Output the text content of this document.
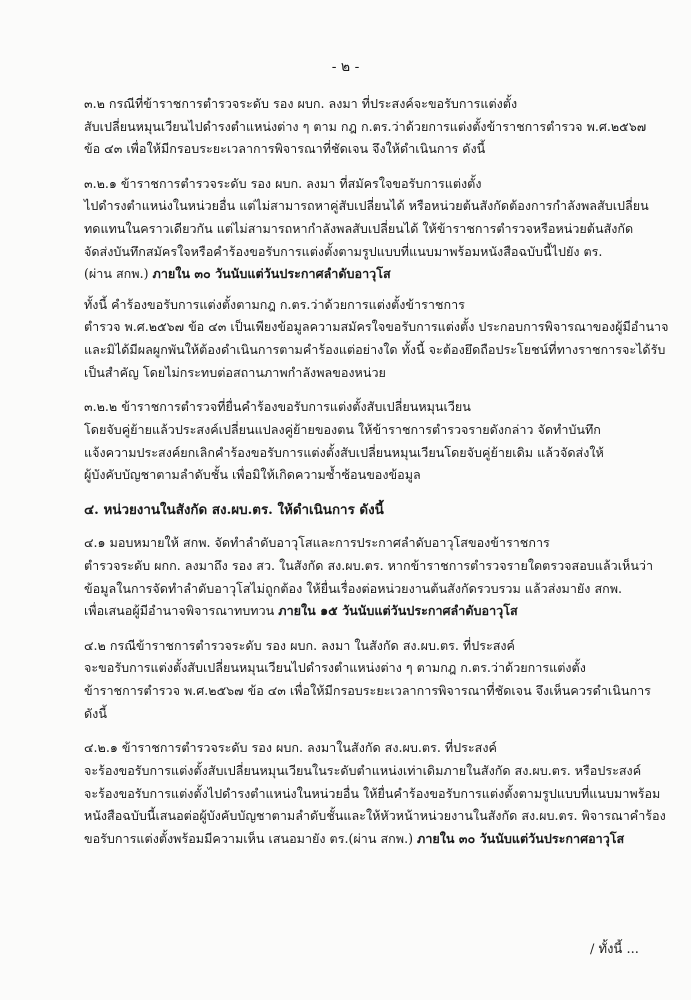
- ๒ -

๓.๒ กรณีที่ข้าราชการตำรวจระดับ รอง ผบก. ลงมา ที่ประสงค์จะขอรับการแต่งตั้ง

สับเปลี่ยนหมุนเวียนไปดำรงตำแหน่งต่าง ๆ ตาม กฎ ก.ตร.ว่าด้วยการแต่งตั้งข้าราชการตำรวจ พ.ศ.๒๕๖๗

ข้อ ๔๓ เพื่อให้มีกรอบระยะเวลาการพิจารณาที่ชัดเจน จึงให้ดำเนินการ ดังนี้

๓.๒.๑ ข้าราชการตำรวจระดับ รอง ผบก. ลงมา ที่สมัครใจขอรับการแต่งตั้ง

ไปดำรงตำแหน่งในหน่วยอื่น แต่ไม่สามารถหาคู่สับเปลี่ยนได้ หรือหน่วยต้นสังกัดต้องการกำลังพลสับเปลี่ยน

ทดแทนในคราวเดียวกัน แต่ไม่สามารถหากำลังพลสับเปลี่ยนได้ ให้ข้าราชการตำรวจหรือหน่วยต้นสังกัด

จัดส่งบันทึกสมัครใจหรือคำร้องขอรับการแต่งตั้งตามรูปแบบที่แนบมาพร้อมหนังสือฉบับนี้ไปยัง ตร.

(ผ่าน สกพ.) ภายใน ๓๐ วันนับแต่วันประกาศลำดับอาวุโส

ทั้งนี้ คำร้องขอรับการแต่งตั้งตามกฎ ก.ตร.ว่าด้วยการแต่งตั้งข้าราชการ

ตำรวจ พ.ศ.๒๕๖๗ ข้อ ๔๓ เป็นเพียงข้อมูลความสมัครใจขอรับการแต่งตั้ง ประกอบการพิจารณาของผู้มีอำนาจ

และมิได้มีผลผูกพันให้ต้องดำเนินการตามคำร้องแต่อย่างใด ทั้งนี้ จะต้องยึดถือประโยชน์ที่ทางราชการจะได้รับ

เป็นสำคัญ โดยไม่กระทบต่อสถานภาพกำลังพลของหน่วย

๓.๒.๒ ข้าราชการตำรวจที่ยื่นคำร้องขอรับการแต่งตั้งสับเปลี่ยนหมุนเวียน

โดยจับคู่ย้ายแล้วประสงค์เปลี่ยนแปลงคู่ย้ายของตน ให้ข้าราชการตำรวจรายดังกล่าว จัดทำบันทึก

แจ้งความประสงค์ยกเลิกคำร้องขอรับการแต่งตั้งสับเปลี่ยนหมุนเวียนโดยจับคู่ย้ายเดิม แล้วจัดส่งให้

ผู้บังคับบัญชาตามลำดับชั้น เพื่อมิให้เกิดความซ้ำซ้อนของข้อมูล

๔. หน่วยงานในสังกัด สง.ผบ.ตร. ให้ดำเนินการ ดังนี้

๔.๑ มอบหมายให้ สกพ. จัดทำลำดับอาวุโสและการประกาศลำดับอาวุโสของข้าราชการ

ตำรวจระดับ ผกก. ลงมาถึง รอง สว. ในสังกัด สง.ผบ.ตร. หากข้าราชการตำรวจรายใดตรวจสอบแล้วเห็นว่า

ข้อมูลในการจัดทำลำดับอาวุโสไม่ถูกต้อง ให้ยื่นเรื่องต่อหน่วยงานต้นสังกัดรวบรวม แล้วส่งมายัง สกพ.

เพื่อเสนอผู้มีอำนาจพิจารณาทบทวน ภายใน ๑๕ วันนับแต่วันประกาศลำดับอาวุโส

๔.๒ กรณีข้าราชการตำรวจระดับ รอง ผบก. ลงมา ในสังกัด สง.ผบ.ตร. ที่ประสงค์

จะขอรับการแต่งตั้งสับเปลี่ยนหมุนเวียนไปดำรงตำแหน่งต่าง ๆ ตามกฎ ก.ตร.ว่าด้วยการแต่งตั้ง

ข้าราชการตำรวจ พ.ศ.๒๕๖๗ ข้อ ๔๓ เพื่อให้มีกรอบระยะเวลาการพิจารณาที่ชัดเจน จึงเห็นควรดำเนินการ

ดังนี้

๔.๒.๑ ข้าราชการตำรวจระดับ รอง ผบก. ลงมาในสังกัด สง.ผบ.ตร. ที่ประสงค์

จะร้องขอรับการแต่งตั้งสับเปลี่ยนหมุนเวียนในระดับตำแหน่งเท่าเดิมภายในสังกัด สง.ผบ.ตร. หรือประสงค์

จะร้องขอรับการแต่งตั้งไปดำรงตำแหน่งในหน่วยอื่น ให้ยื่นคำร้องขอรับการแต่งตั้งตามรูปแบบที่แนบมาพร้อม

หนังสือฉบับนี้เสนอต่อผู้บังคับบัญชาตามลำดับชั้นและให้หัวหน้าหน่วยงานในสังกัด สง.ผบ.ตร. พิจารณาคำร้อง

ขอรับการแต่งตั้งพร้อมมีความเห็น เสนอมายัง ตร.(ผ่าน สกพ.) ภายใน ๓๐ วันนับแต่วันประกาศอาวุโส

/ ทั้งนี้ ...
